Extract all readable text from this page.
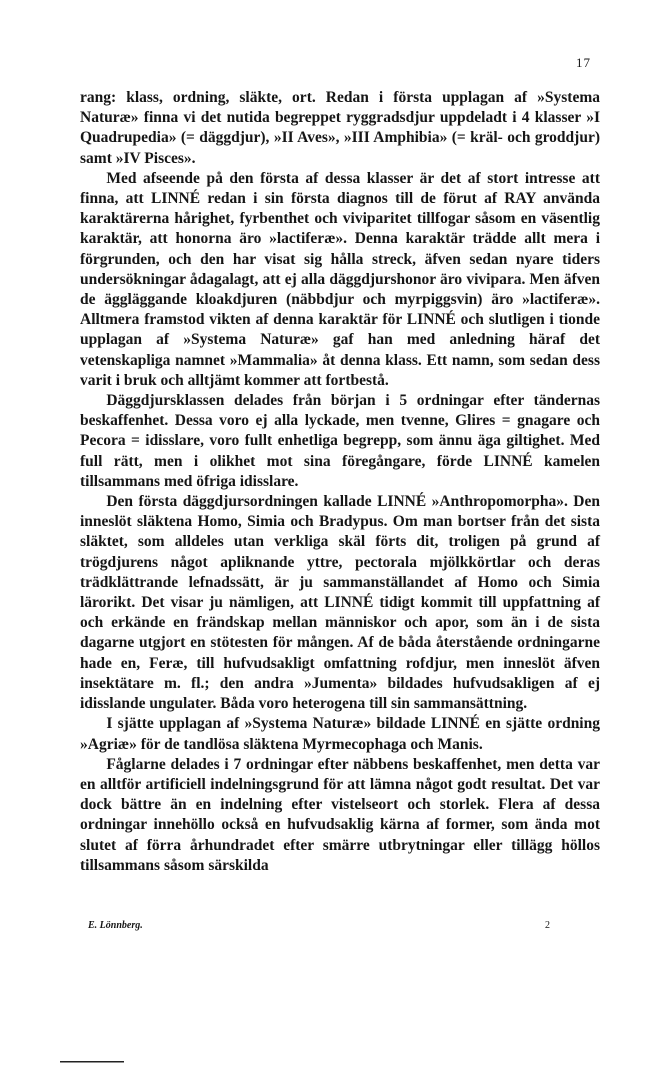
17

rang: klass, ordning, släkte, ort. Redan i första upplagan af »Systema Naturæ» finna vi det nutida begreppet ryggradsdjur uppdeladt i 4 klasser »I Quadrupedia» (= däggdjur), »II Aves», »III Amphibia» (= kräl- och groddjur) samt »IV Pisces».

Med afseende på den första af dessa klasser är det af stort intresse att finna, att LINNÉ redan i sin första diagnos till de förut af RAY använda karaktärerna hårighet, fyrbenthet och viviparitet tillfogar såsom en väsentlig karaktär, att honorna äro »lactiferæ». Denna karaktär trädde allt mera i förgrunden, och den har visat sig hålla streck, äfven sedan nyare tiders undersökningar ådagalagt, att ej alla däggdjurshonor äro vivipara. Men äfven de äggläggande kloakdjuren (näbbdjur och myrpiggsvin) äro »lactiferæ». Alltmera framstod vikten af denna karaktär för LINNÉ och slutligen i tionde upplagan af »Systema Naturæ» gaf han med anledning häraf det vetenskapliga namnet »Mammalia» åt denna klass. Ett namn, som sedan dess varit i bruk och alltjämt kommer att fortbestå.

Däggdjursklassen delades från början i 5 ordningar efter tändernas beskaffenhet. Dessa voro ej alla lyckade, men tvenne, Glires = gnagare och Pecora = idisslare, voro fullt enhetliga begrepp, som ännu äga giltighet. Med full rätt, men i olikhet mot sina föregångare, förde LINNÉ kamelen tillsammans med öfriga idisslare.

Den första däggdjursordningen kallade LINNÉ »Anthropomorpha». Den inneslöt släktena Homo, Simia och Bradypus. Om man bortser från det sista släktet, som alldeles utan verkliga skäl förts dit, troligen på grund af trögdjurens något apliknande yttre, pectorala mjölkkörtlar och deras trädklättrande lefnadssätt, är ju sammanställandet af Homo och Simia lärorikt. Det visar ju nämligen, att LINNÉ tidigt kommit till uppfattning af och erkände en frändskap mellan människor och apor, som än i de sista dagarne utgjort en stötesten för mången. Af de båda återstående ordningarne hade en, Feræ, till hufvudsakligt omfattning rofdjur, men inneslöt äfven insektätare m. fl.; den andra »Jumenta» bildades hufvudsakligen af ej idisslande ungulater. Båda voro heterogena till sin sammansättning.

I sjätte upplagan af »Systema Naturæ» bildade LINNÉ en sjätte ordning »Agriæ» för de tandlösa släktena Myrmecophaga och Manis.

Fåglarne delades i 7 ordningar efter näbbens beskaffenhet, men detta var en alltför artificiell indelningsgrund för att lämna något godt resultat. Det var dock bättre än en indelning efter vistelseort och storlek. Flera af dessa ordningar innehöllo också en hufvudsaklig kärna af former, som ända mot slutet af förra århundradet efter smärre utbrytningar eller tillägg höllos tillsammans såsom särskilda

E. Lönnberg.	2
